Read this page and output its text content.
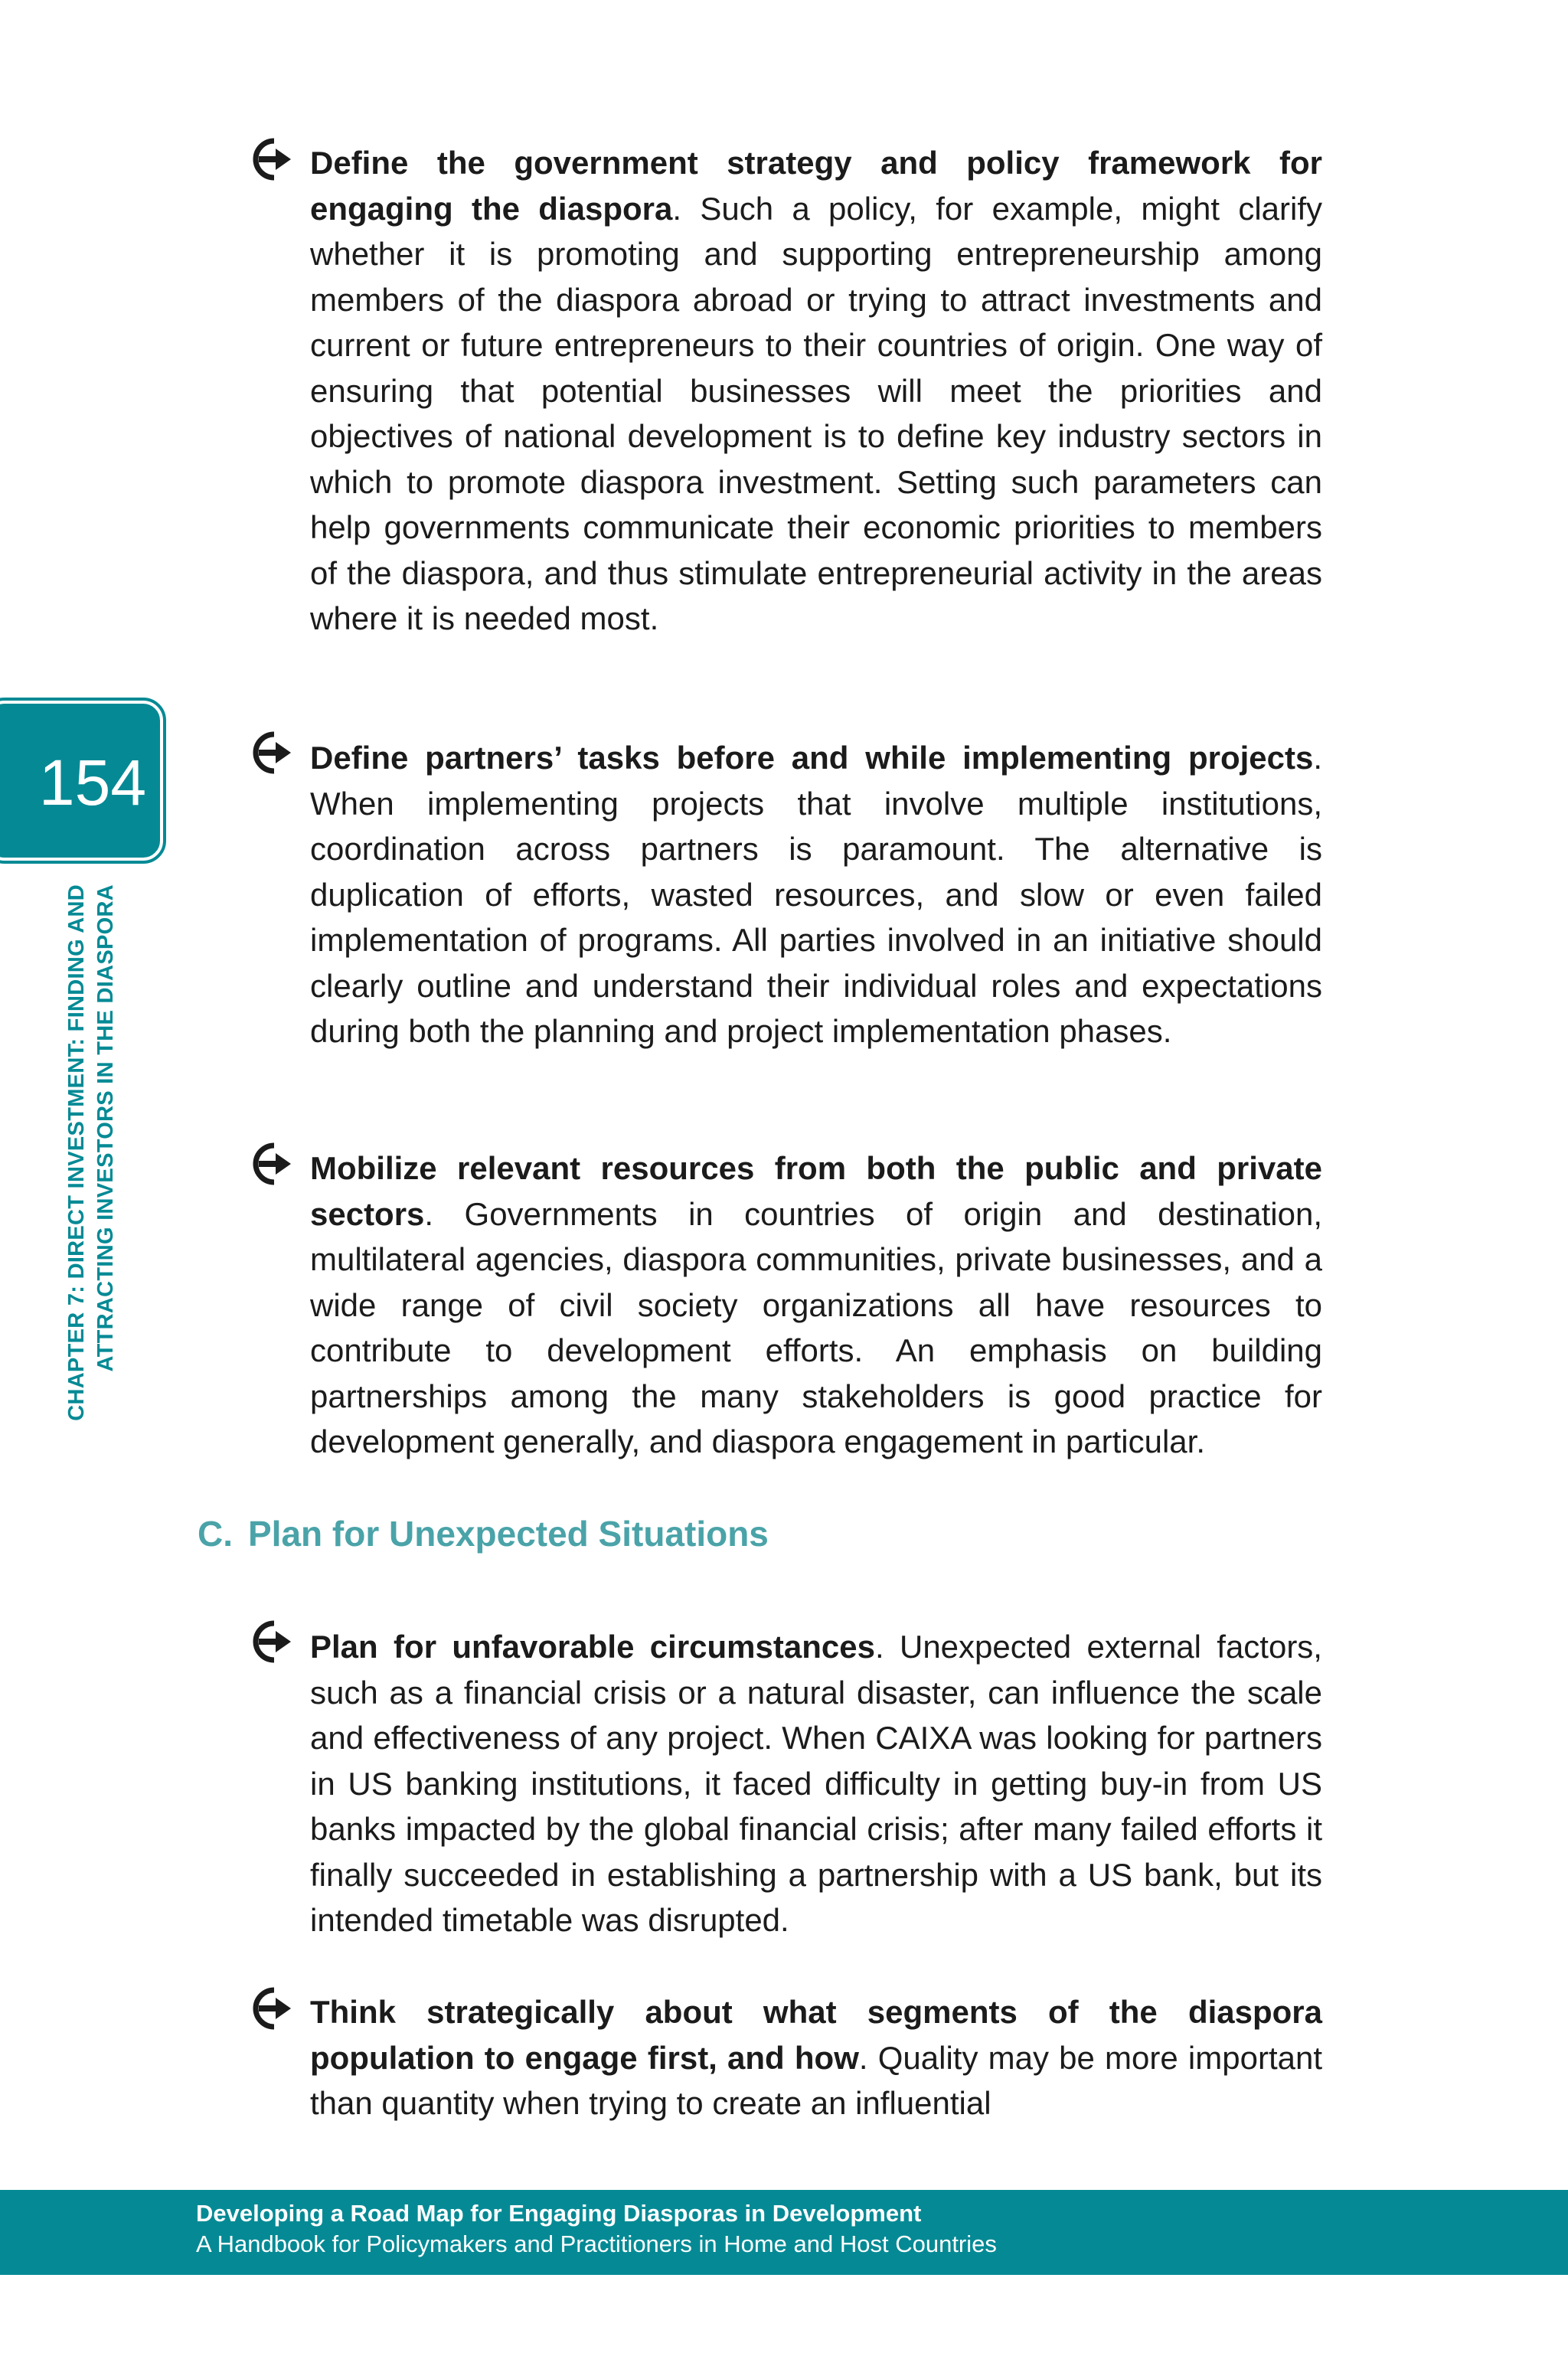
Define the government strategy and policy framework for engaging the diaspora. Such a policy, for example, might clarify whether it is promoting and supporting entrepreneurship among members of the diaspora abroad or trying to attract investments and current or future entrepreneurs to their countries of origin. One way of ensuring that potential businesses will meet the priorities and objectives of national development is to define key industry sectors in which to promote diaspora investment. Setting such parameters can help governments communicate their economic priorities to members of the diaspora, and thus stimulate entrepreneurial activity in the areas where it is needed most.
154	Define partners’ tasks before and while implementing projects. When implementing projects that involve multiple institutions, coordination across partners is paramount. The alternative is duplication of efforts, wasted resources, and slow or even failed implementation of programs. All parties involved in an initiative should clearly outline and understand their individual roles and expectations during both the planning and project implementation phases.
CHAPTER 7: DIRECT INVESTMENT: FINDING AND ATTRACTING INVESTORS IN THE DIASPORA	Mobilize relevant resources from both the public and private sectors. Governments in countries of origin and destination, multilateral agencies, diaspora communities, private businesses, and a wide range of civil society organizations all have resources to contribute to development efforts. An emphasis on building partnerships among the many stakeholders is good practice for development generally, and diaspora engagement in particular.
C. Plan for Unexpected Situations
Plan for unfavorable circumstances. Unexpected external factors, such as a financial crisis or a natural disaster, can influence the scale and effectiveness of any project. When CAIXA was looking for partners in US banking institutions, it faced difficulty in getting buy-in from US banks impacted by the global financial crisis; after many failed efforts it finally succeeded in establishing a partnership with a US bank, but its intended timetable was disrupted.
Think strategically about what segments of the diaspora population to engage first, and how. Quality may be more important than quantity when trying to create an influential
Developing a Road Map for Engaging Diasporas in Development
A Handbook for Policymakers and Practitioners in Home and Host Countries
